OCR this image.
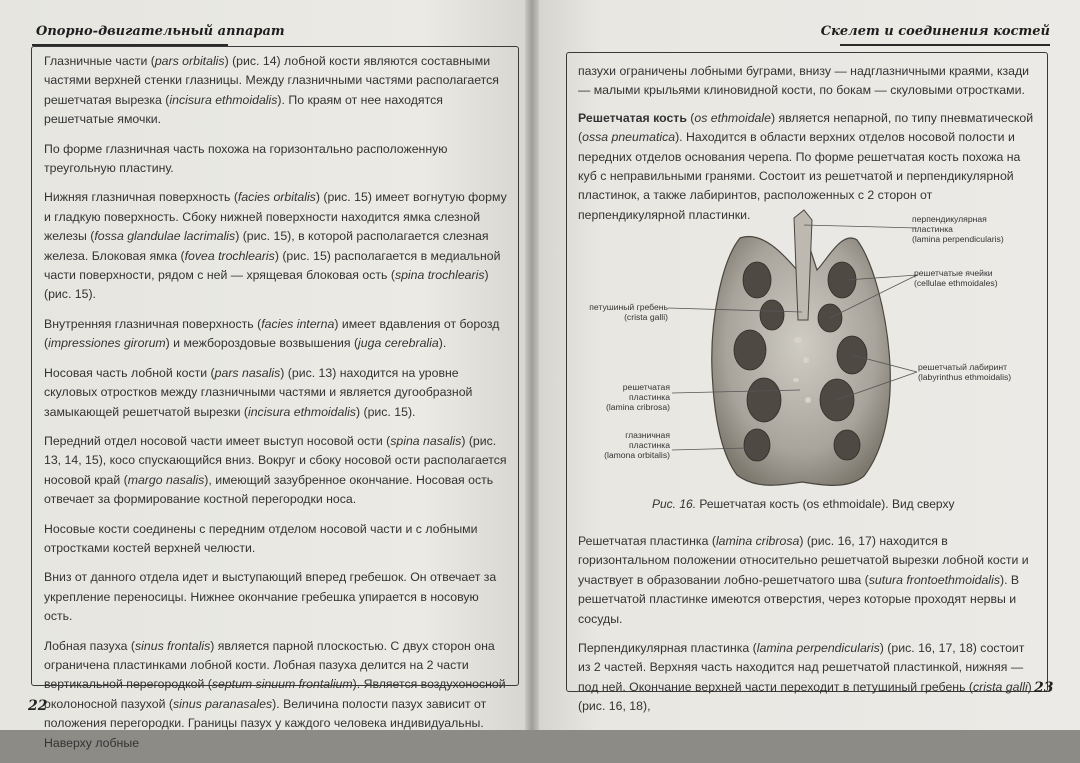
Опорно-двигательный аппарат

Глазничные части (pars orbitalis) (рис. 14) лобной кости являются составными частями верхней стенки глазницы. Между глазничными частями располагается решетчатая вырезка (incisura ethmoidalis). По краям от нее находятся решетчатые ямочки.

По форме глазничная часть похожа на горизонтально расположенную треугольную пластину.

Нижняя глазничная поверхность (facies orbitalis) (рис. 15) имеет вогнутую форму и гладкую поверхность. Сбоку нижней поверхности находится ямка слезной железы (fossa glandulae lacrimalis) (рис. 15), в которой располагается слезная железа. Блоковая ямка (fovea trochlearis) (рис. 15) располагается в медиальной части поверхности, рядом с ней — хрящевая блоковая ость (spina trochlearis) (рис. 15).

Внутренняя глазничная поверхность (facies interna) имеет вдавления от борозд (impressiones girorum) и межбороздовые возвышения (juga cerebralia).

Носовая часть лобной кости (pars nasalis) (рис. 13) находится на уровне скуловых отростков между глазничными частями и является дугообразной замыкающей решетчатой вырезки (incisura ethmoidalis) (рис. 15).

Передний отдел носовой части имеет выступ носовой ости (spina nasalis) (рис. 13, 14, 15), косо спускающийся вниз. Вокруг и сбоку носовой ости располагается носовой край (margo nasalis), имеющий зазубренное окончание. Носовая ость отвечает за формирование костной перегородки носа.

Носовые кости соединены с передним отделом носовой части и с лобными отростками костей верхней челюсти.

Вниз от данного отдела идет и выступающий вперед гребешок. Он отвечает за укрепление переносицы. Нижнее окончание гребешка упирается в носовую ость.

Лобная пазуха (sinus frontalis) является парной плоскостью. С двух сторон она ограничена пластинками лобной кости. Лобная пазуха делится на 2 части вертикальной перегородкой (septum sinuum frontalium). Является воздухоносной околоносной пазухой (sinus paranasales). Величина полости пазух зависит от положения перегородки. Границы пазух у каждого человека индивидуальны. Наверху лобные

22
Скелет и соединения костей

пазухи ограничены лобными буграми, внизу — надглазничными краями, кзади — малыми крыльями клиновидной кости, по бокам — скуловыми отростками.

Решетчатая кость (os ethmoidale) является непарной, по типу пневматической (ossa pneumatica). Находится в области верхних отделов носовой полости и передних отделов основания черепа. По форме решетчатая кость похожа на куб с неправильными гранями. Состоит из решетчатой и перпендикулярной пластинок, а также лабиринтов, расположенных с 2 сторон от перпендикулярной пластинки.	перпендикулярная
пластинка
(lamina perpendicularis)
решетчатые ячейки
(cellulae ethmoidales)
петушиный гребень
(crista galli)
решетчатый лабиринт
(labyrinthus ethmoidalis)
решетчатая
пластинка
(lamina cribrosa)
глазничная
пластинка
(lamona orbitalis)
Рис. 16. Решетчатая кость (os ethmoidale). Вид сверху

Решетчатая пластинка (lamina cribrosa) (рис. 16, 17) находится в горизонтальном положении относительно решетчатой вырезки лобной кости и участвует в образовании лобно-решетчатого шва (sutura frontoethmoidalis). В решетчатой пластинке имеются отверстия, через которые проходят нервы и сосуды.

Перпендикулярная пластинка (lamina perpendicularis) (рис. 16, 17, 18) состоит из 2 частей. Верхняя часть находится над решетчатой пластинкой, нижняя — под ней. Окончание верхней части переходит в петушиный гребень (crista galli) (рис. 16, 18),

23
